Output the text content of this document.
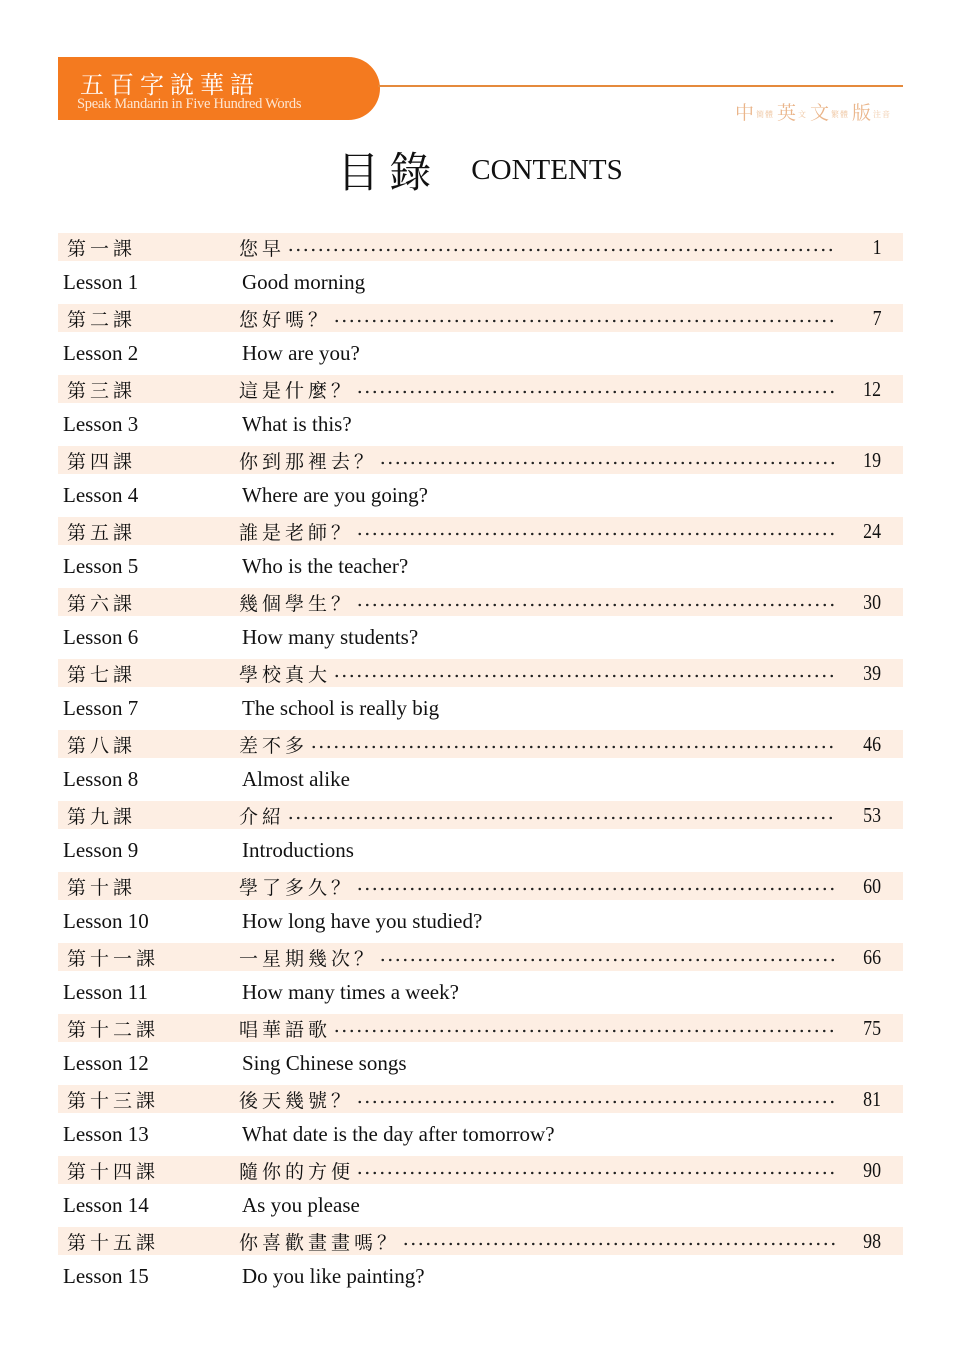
五百字說華語
Speak Mandarin in Five Hundred Words	中簡體 英文 文繁體 版注音
目錄 CONTENTS
第一課	您早	1
Lesson 1	Good morning
第二課	您好嗎？	7
Lesson 2	How are you?
第三課	這是什麼？	12
Lesson 3	What is this?
第四課	你到那裡去？	19
Lesson 4	Where are you going?
第五課	誰是老師？	24
Lesson 5	Who is the teacher?
第六課	幾個學生？	30
Lesson 6	How many students?
第七課	學校真大	39
Lesson 7	The school is really big
第八課	差不多	46
Lesson 8	Almost alike
第九課	介紹	53
Lesson 9	Introductions
第十課	學了多久？	60
Lesson 10	How long have you studied?
第十一課	一星期幾次？	66
Lesson 11	How many times a week?
第十二課	唱華語歌	75
Lesson 12	Sing Chinese songs
第十三課	後天幾號？	81
Lesson 13	What date is the day after tomorrow?
第十四課	隨你的方便	90
Lesson 14	As you please
第十五課	你喜歡畫畫嗎？	98
Lesson 15	Do you like painting?
